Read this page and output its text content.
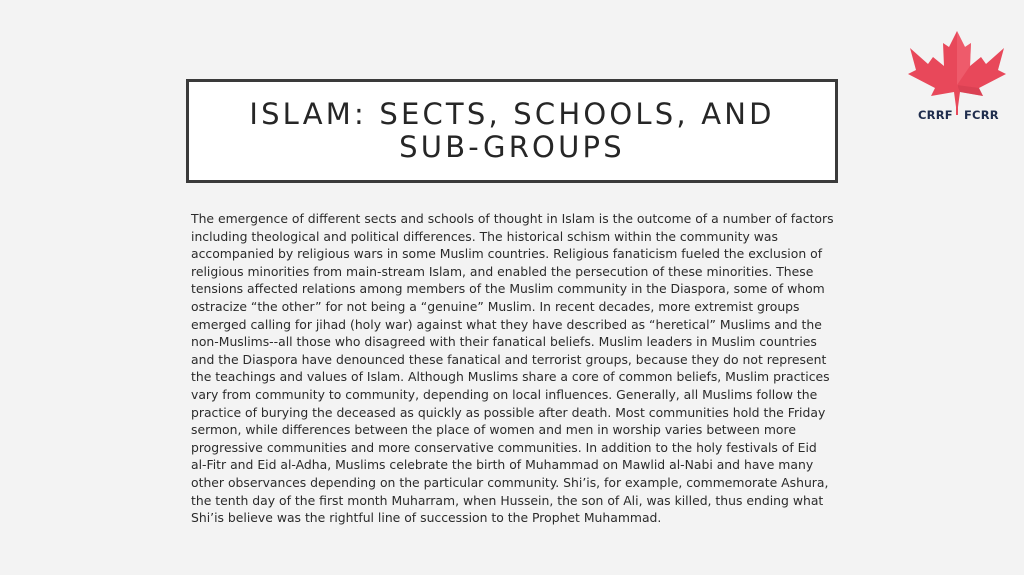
ISLAM: SECTS, SCHOOLS, AND SUB-GROUPS

The emergence of different sects and schools of thought in Islam is the outcome of a number of factors including theological and political differences. The historical schism within the community was accompanied by religious wars in some Muslim countries. Religious fanaticism fueled the exclusion of religious minorities from main-stream Islam, and enabled the persecution of these minorities. These tensions affected relations among members of the Muslim community in the Diaspora, some of whom ostracize “the other” for not being a “genuine” Muslim. In recent decades, more extremist groups emerged calling for jihad (holy war) against what they have described as “heretical” Muslims and the non-Muslims--all those who disagreed with their fanatical beliefs. Muslim leaders in Muslim countries and the Diaspora have denounced these fanatical and terrorist groups, because they do not represent the teachings and values of Islam. Although Muslims share a core of common beliefs, Muslim practices vary from community to community, depending on local influences. Generally, all Muslims follow the practice of burying the deceased as quickly as possible after death. Most communities hold the Friday sermon, while differences between the place of women and men in worship varies between more progressive communities and more conservative communities. In addition to the holy festivals of Eid al-Fitr and Eid al-Adha, Muslims celebrate the birth of Muhammad on Mawlid al-Nabi and have many other observances depending on the particular community. Shi’is, for example, commemorate Ashura, the tenth day of the first month Muharram, when Hussein, the son of Ali, was killed, thus ending what Shi’is believe was the rightful line of succession to the Prophet Muhammad.

CRRF FCRR
